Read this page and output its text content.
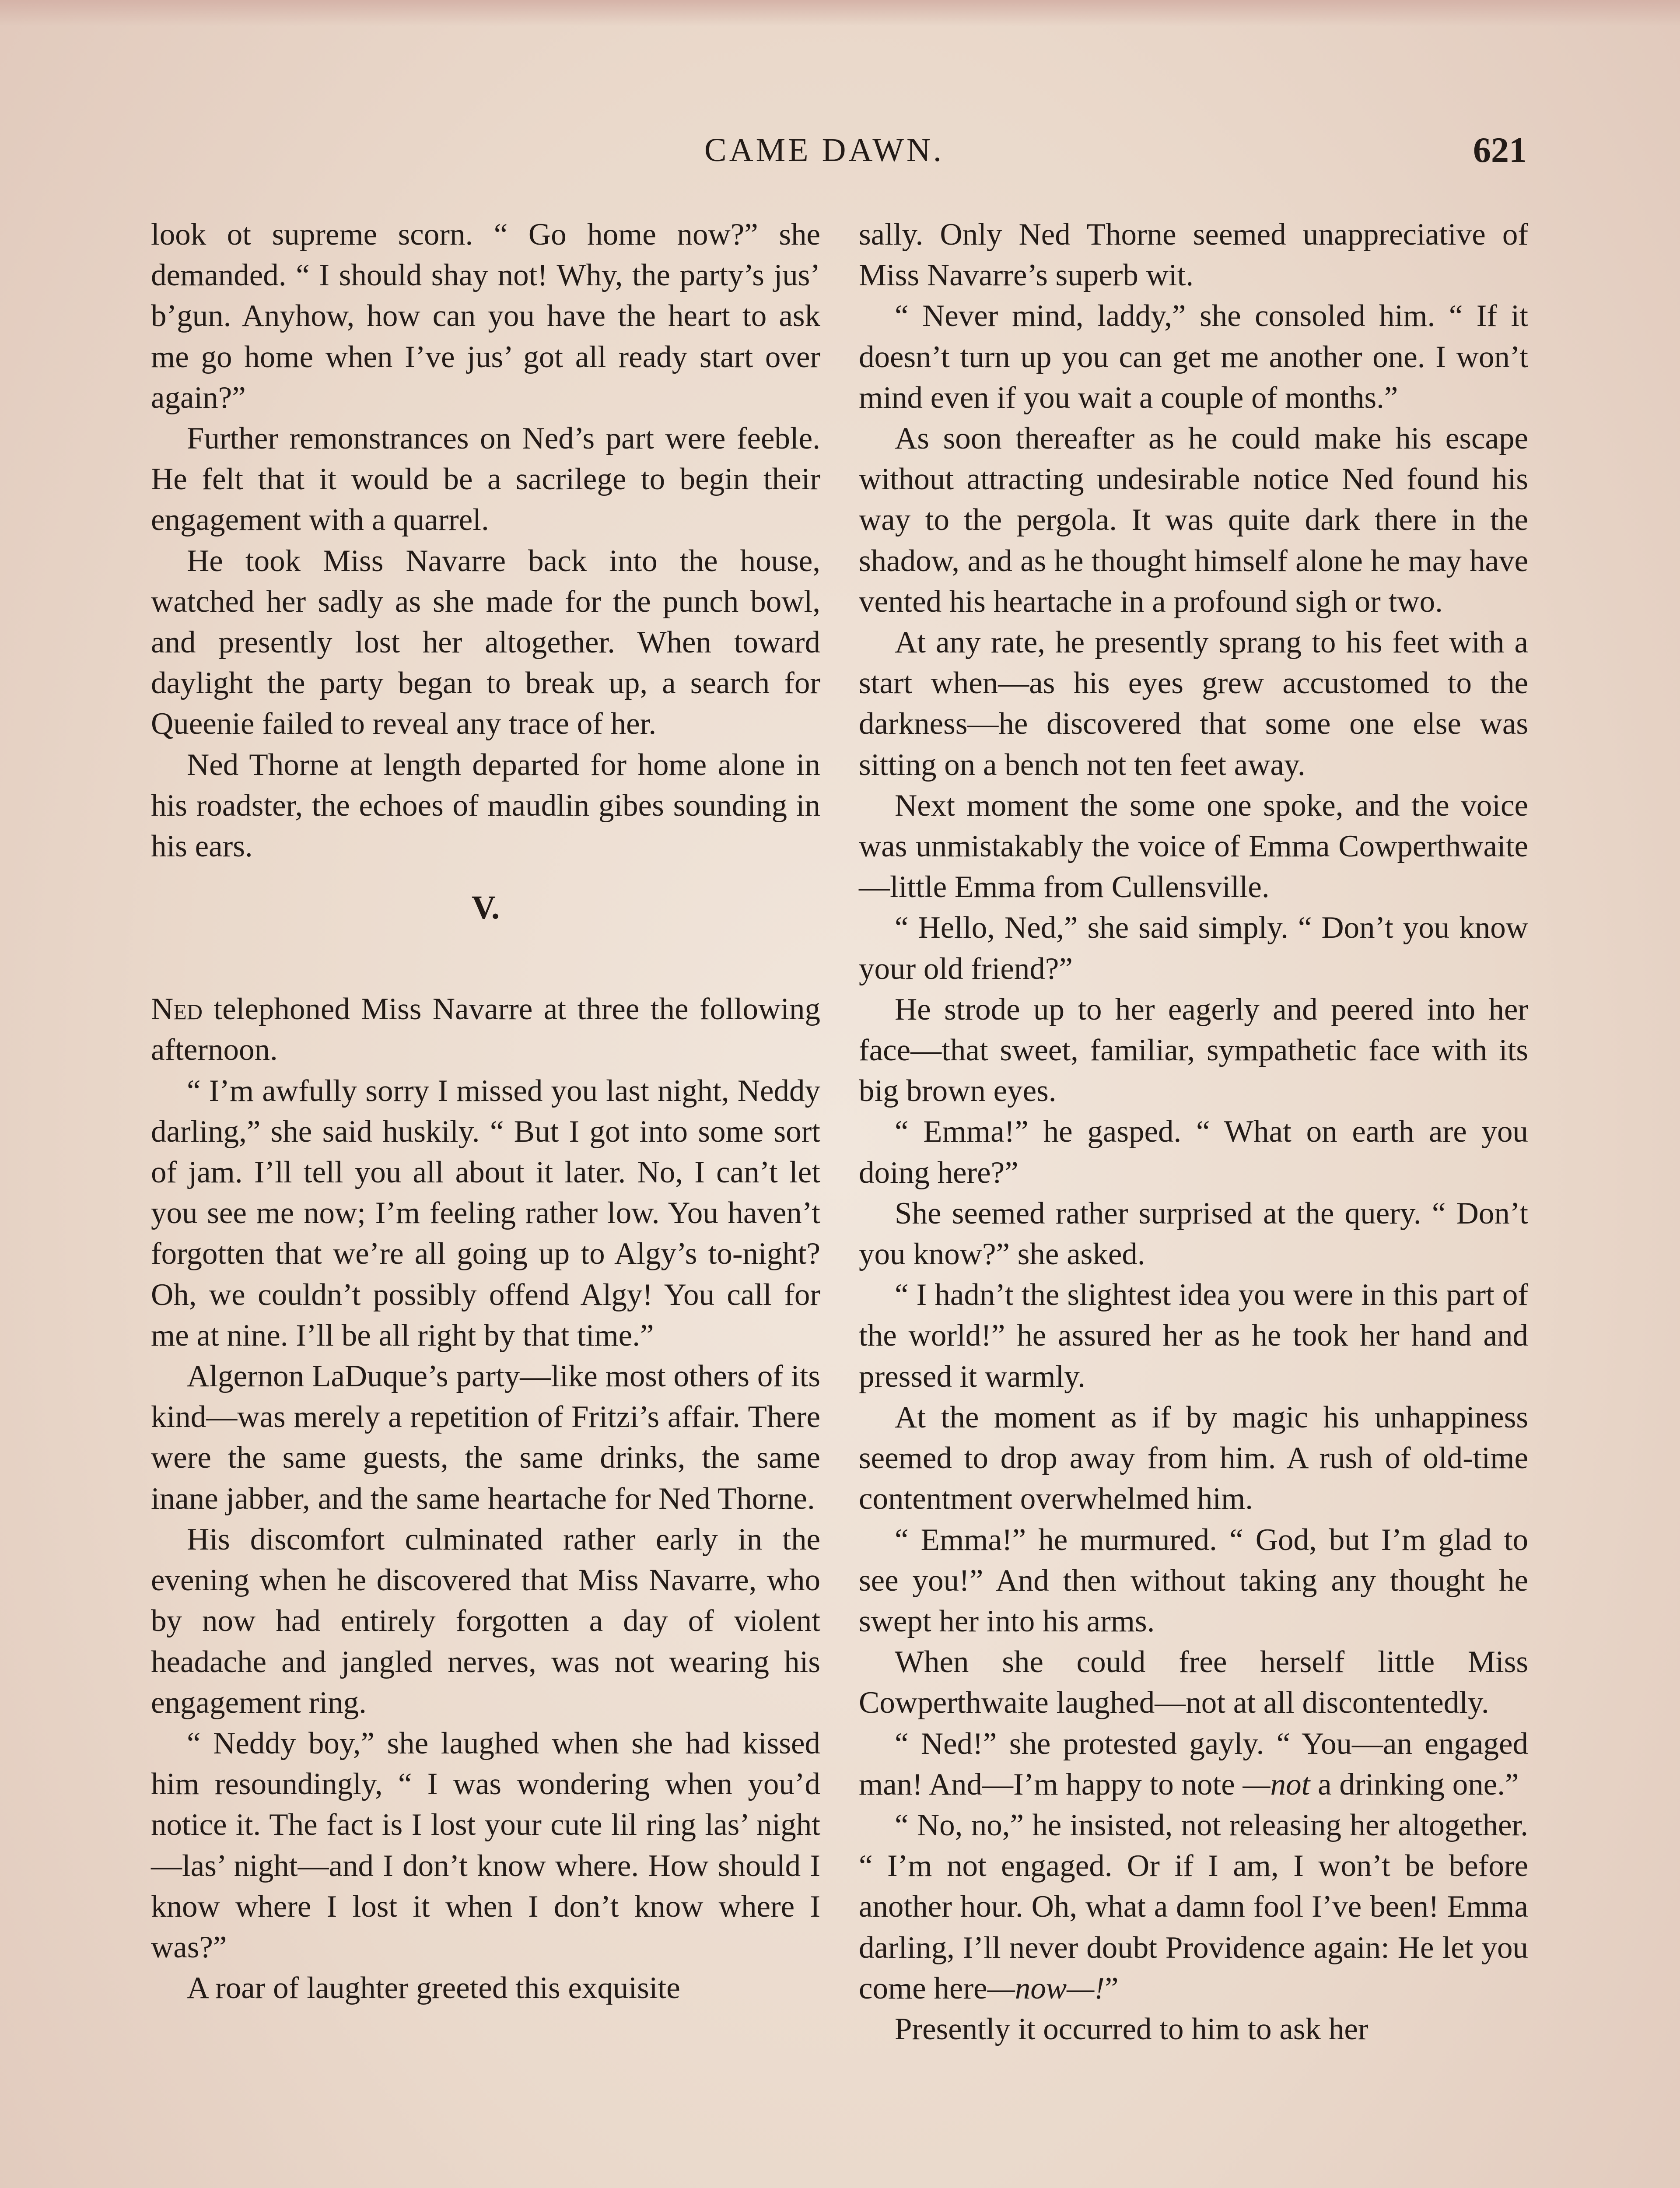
CAME DAWN.	621

look ot supreme scorn. “ Go home now?” she demanded. “ I should shay not! Why, the party’s jus’ b’gun. Anyhow, how can you have the heart to ask me go home when I’ve jus’ got all ready start over again?”

Further remonstrances on Ned’s part were feeble. He felt that it would be a sacrilege to begin their engagement with a quarrel.

He took Miss Navarre back into the house, watched her sadly as she made for the punch bowl, and presently lost her altogether. When toward daylight the party began to break up, a search for Queenie failed to reveal any trace of her.

Ned Thorne at length departed for home alone in his roadster, the echoes of maudlin gibes sounding in his ears.

V.

Ned telephoned Miss Navarre at three the following afternoon.

“ I’m awfully sorry I missed you last night, Neddy darling,” she said huskily. “ But I got into some sort of jam. I’ll tell you all about it later. No, I can’t let you see me now; I’m feeling rather low. You haven’t forgotten that we’re all going up to Algy’s to-night? Oh, we couldn’t possibly offend Algy! You call for me at nine. I’ll be all right by that time.”

Algernon LaDuque’s party—like most others of its kind—was merely a repetition of Fritzi’s affair. There were the same guests, the same drinks, the same inane jabber, and the same heartache for Ned Thorne.

His discomfort culminated rather early in the evening when he discovered that Miss Navarre, who by now had entirely forgotten a day of violent headache and jangled nerves, was not wearing his engagement ring.

“ Neddy boy,” she laughed when she had kissed him resoundingly, “ I was wondering when you’d notice it. The fact is I lost your cute lil ring las’ night—las’ night—and I don’t know where. How should I know where I lost it when I don’t know where I was?”

A roar of laughter greeted this exquisite

sally. Only Ned Thorne seemed unappreciative of Miss Navarre’s superb wit.

“ Never mind, laddy,” she consoled him. “ If it doesn’t turn up you can get me another one. I won’t mind even if you wait a couple of months.”

As soon thereafter as he could make his escape without attracting undesirable notice Ned found his way to the pergola. It was quite dark there in the shadow, and as he thought himself alone he may have vented his heartache in a profound sigh or two.

At any rate, he presently sprang to his feet with a start when—as his eyes grew accustomed to the darkness—he discovered that some one else was sitting on a bench not ten feet away.

Next moment the some one spoke, and the voice was unmistakably the voice of Emma Cowperthwaite—little Emma from Cullensville.

“ Hello, Ned,” she said simply. “ Don’t you know your old friend?”

He strode up to her eagerly and peered into her face—that sweet, familiar, sympathetic face with its big brown eyes.

“ Emma!” he gasped. “ What on earth are you doing here?”

She seemed rather surprised at the query. “ Don’t you know?” she asked.

“ I hadn’t the slightest idea you were in this part of the world!” he assured her as he took her hand and pressed it warmly.

At the moment as if by magic his unhappiness seemed to drop away from him. A rush of old-time contentment overwhelmed him.

“ Emma!” he murmured. “ God, but I’m glad to see you!” And then without taking any thought he swept her into his arms.

When she could free herself little Miss Cowperthwaite laughed—not at all discontentedly.

“ Ned!” she protested gayly. “ You—an engaged man! And—I’m happy to note —not a drinking one.”

“ No, no,” he insisted, not releasing her altogether. “ I’m not engaged. Or if I am, I won’t be before another hour. Oh, what a damn fool I’ve been! Emma darling, I’ll never doubt Providence again: He let you come here—now—!”

Presently it occurred to him to ask her
